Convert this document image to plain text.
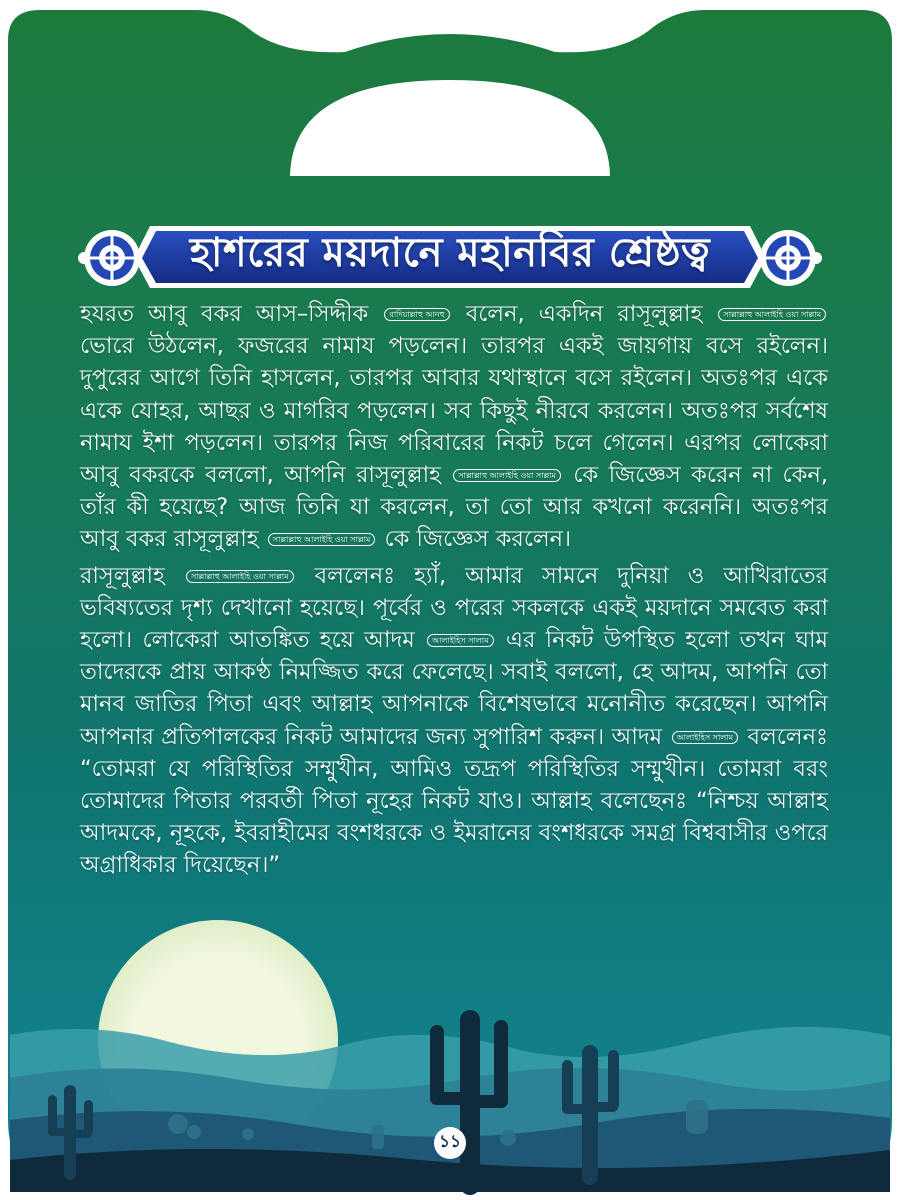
হাশরের ময়দানে মহানবির শ্রেষ্ঠত্ব

হযরত আবু বকর আস–সিদ্দীক	রাদিয়াল্লাহু আনহু বলেন, একদিন রাসূলুল্লাহ	সাল্লাল্লাহু আলাইহি ওয়া সাল্লাম ভোরে উঠলেন, ফজরের নামায পড়লেন। তারপর একই জায়গায় বসে রইলেন। দুপুরের আগে তিনি হাসলেন, তারপর আবার যথাস্থানে বসে রইলেন। অতঃপর একে একে যোহর, আছর ও মাগরিব পড়লেন। সব কিছুই নীরবে করলেন। অতঃপর সর্বশেষ নামায ইশা পড়লেন। তারপর নিজ পরিবারের নিকট চলে গেলেন। এরপর লোকেরা আবু বকরকে বললো, আপনি রাসূলুল্লাহ সাল্লাল্লাহু আলাইহি ওয়া সাল্লাম কে জিজ্ঞেস করেন না কেন, তাঁর কী হয়েছে? আজ তিনি যা করলেন, তা তো আর কখনো করেননি। অতঃপর আবু বকর রাসূলুল্লাহ সাল্লাল্লাহু আলাইহি ওয়া সাল্লাম কে জিজ্ঞেস করলেন।

রাসূলুল্লাহ	সাল্লাল্লাহু আলাইহি ওয়া সাল্লাম বললেনঃ হ্যাঁ, আমার সামনে দুনিয়া ও আখিরাতের ভবিষ্যতের দৃশ্য দেখানো হয়েছে। পূর্বের ও পরের সকলকে একই ময়দানে সমবেত করা হলো। লোকেরা আতঙ্কিত হয়ে আদম আলাইহিস সালাম এর নিকট উপস্থিত হলো তখন ঘাম তাদেরকে প্রায় আকণ্ঠ নিমজ্জিত করে ফেলেছে। সবাই বললো, হে আদম, আপনি তো মানব জাতির পিতা এবং আল্লাহ আপনাকে বিশেষভাবে মনোনীত করেছেন। আপনি আপনার প্রতিপালকের নিকট আমাদের জন্য সুপারিশ করুন। আদম আলাইহিস সালাম বললেনঃ “তোমরা যে পরিস্থিতির সম্মুখীন, আমিও তদ্রূপ পরিস্থিতির সম্মুখীন। তোমরা বরং তোমাদের পিতার পরবর্তী পিতা নূহের নিকট যাও। আল্লাহ বলেছেনঃ “নিশ্চয় আল্লাহ আদমকে, নূহকে, ইবরাহীমের বংশধরকে ও ইমরানের বংশধরকে সমগ্র বিশ্ববাসীর ওপরে অগ্রাধিকার দিয়েছেন।”

১১
